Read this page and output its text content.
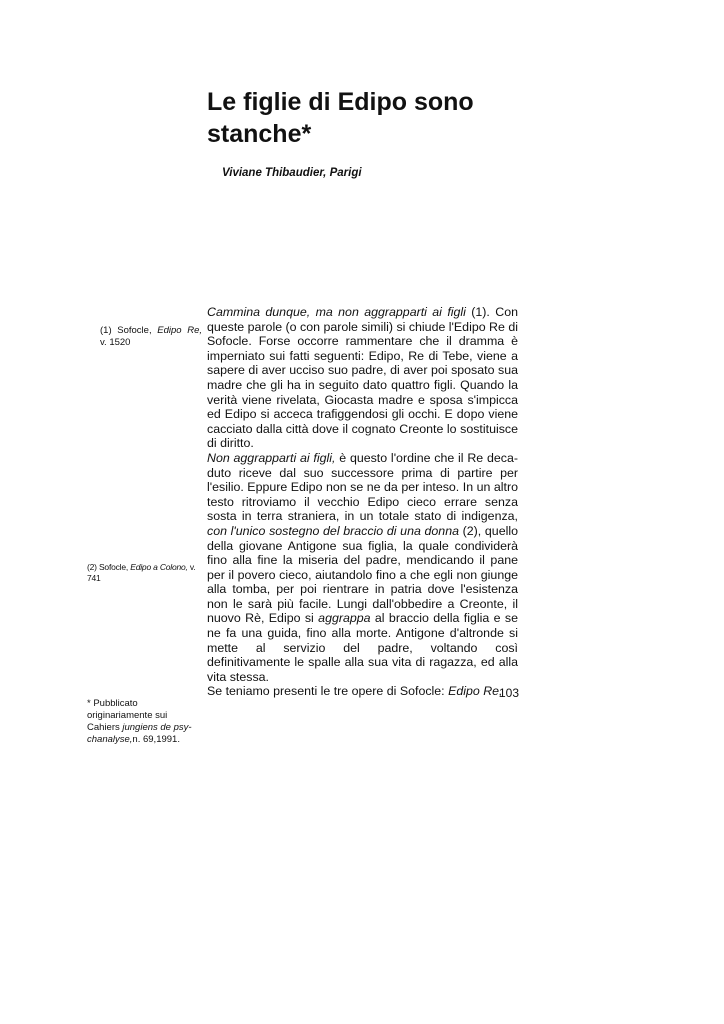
Le figlie di Edipo sono stanche*
Viviane Thibaudier, Parigi
(1) Sofocle, Edipo Re, v. 1520
(2) Sofocle, Edipo a Colono, v. 741
* Pubblicato originariamente sui Cahiers jungiens de psychanalyse,n. 69,1991.

Cammina dunque, ma non aggrapparti ai figli (1). Con queste parole (o con parole simili) si chiude l'Edipo Re di Sofocle. Forse occorre rammentare che il dramma è imperniato sui fatti seguenti: Edipo, Re di Tebe, viene a sapere di aver ucciso suo padre, di aver poi sposato sua madre che gli ha in seguito dato quattro figli. Quando la verità viene rivelata, Giocasta madre e sposa s'impicca ed Edipo si acceca trafiggendosi gli occhi. E dopo viene cacciato dalla città dove il cognato Creonte lo sostituisce di diritto.

Non aggrapparti ai figli, è questo l'ordine che il Re decaduto riceve dal suo successore prima di partire per l'esilio. Eppure Edipo non se ne da per inteso. In un altro testo ritroviamo il vecchio Edipo cieco errare senza sosta in terra straniera, in un totale stato di indigenza, con l'unico sostegno del braccio di una donna (2), quello della giovane Antigone sua figlia, la quale condividerà fino alla fine la miseria del padre, mendicando il pane per il povero cieco, aiutandolo fino a che egli non giunge alla tomba, per poi rientrare in patria dove l'esistenza non le sarà più facile. Lungi dall'obbedire a Creonte, il nuovo Rè, Edipo si aggrappa al braccio della figlia e se ne fa una guida, fino alla morte. Antigone d'altronde si mette al servizio del padre, voltando così definitivamente le spalle alla sua vita di ragazza, ed alla vita stessa.

Se teniamo presenti le tre opere di Sofocle: Edipo Re,

103
